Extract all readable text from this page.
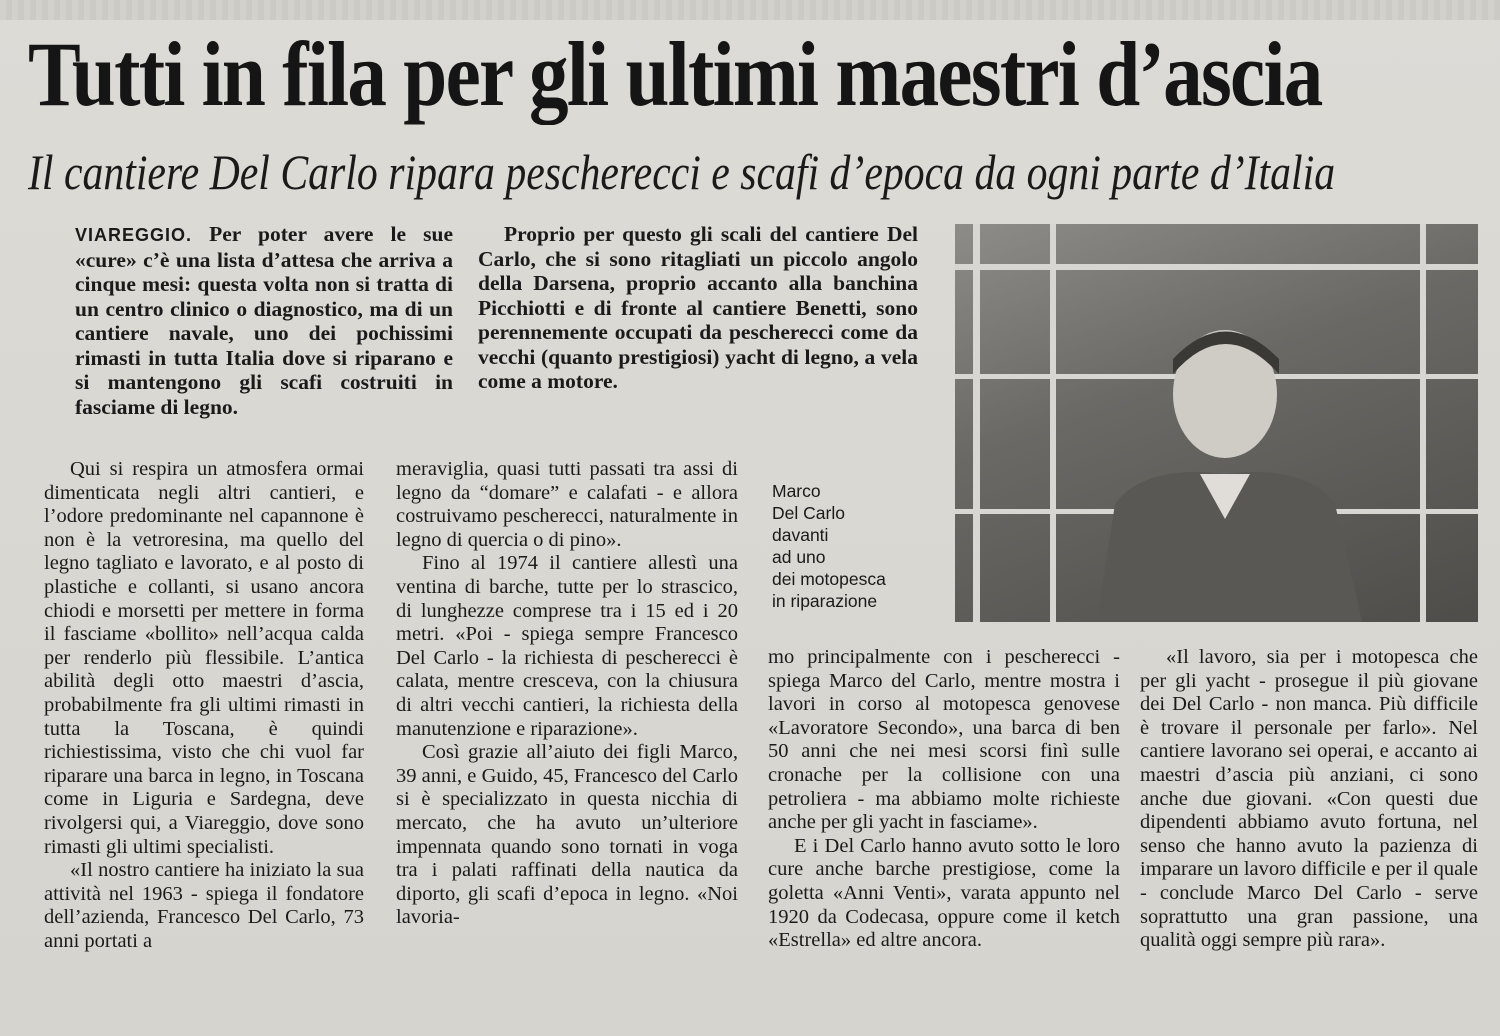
Tutti in fila per gli ultimi maestri d’ascia
Il cantiere Del Carlo ripara pescherecci e scafi d’epoca da ogni parte d’Italia

VIAREGGIO. Per poter avere le sue «cure» c’è una lista d’attesa che arriva a cinque mesi: questa volta non si tratta di un centro clinico o diagnostico, ma di un cantiere navale, uno dei pochissimi rimasti in tutta Italia dove si riparano e si mantengono gli scafi costruiti in fasciame di legno.

Proprio per questo gli scali del cantiere Del Carlo, che si sono ritagliati un piccolo angolo della Darsena, proprio accanto alla banchina Picchiotti e di fronte al cantiere Benetti, sono perennemente occupati da pescherecci come da vecchi (quanto prestigiosi) yacht di legno, a vela come a motore.

Qui si respira un atmosfera ormai dimenticata negli altri cantieri, e l’odore predominante nel capannone è non è la vetroresina, ma quello del legno tagliato e lavorato, e al posto di plastiche e collanti, si usano ancora chiodi e morsetti per mettere in forma il fasciame «bollito» nell’acqua calda per renderlo più flessibile. L’antica abilità degli otto maestri d’ascia, probabilmente fra gli ultimi rimasti in tutta la Toscana, è quindi richiestissima, visto che chi vuol far riparare una barca in legno, in Toscana come in Liguria e Sardegna, deve rivolgersi qui, a Viareggio, dove sono rimasti gli ultimi specialisti.

«Il nostro cantiere ha iniziato la sua attività nel 1963 - spiega il fondatore dell’azienda, Francesco Del Carlo, 73 anni portati a

meraviglia, quasi tutti passati tra assi di legno da “domare” e calafati - e allora costruivamo pescherecci, naturalmente in legno di quercia o di pino».

Fino al 1974 il cantiere allestì una ventina di barche, tutte per lo strascico, di lunghezze comprese tra i 15 ed i 20 metri. «Poi - spiega sempre Francesco Del Carlo - la richiesta di pescherecci è calata, mentre cresceva, con la chiusura di altri vecchi cantieri, la richiesta della manutenzione e riparazione».

Così grazie all’aiuto dei figli Marco, 39 anni, e Guido, 45, Francesco del Carlo si è specializzato in questa nicchia di mercato, che ha avuto un’ulteriore impennata quando sono tornati in voga tra i palati raffinati della nautica da diporto, gli scafi d’epoca in legno. «Noi lavoria-

Marco
Del Carlo
davanti
ad uno
dei motopesca
in riparazione

mo principalmente con i pescherecci - spiega Marco del Carlo, mentre mostra i lavori in corso al motopesca genovese «Lavoratore Secondo», una barca di ben 50 anni che nei mesi scorsi finì sulle cronache per la collisione con una petroliera - ma abbiamo molte richieste anche per gli yacht in fasciame».

E i Del Carlo hanno avuto sotto le loro cure anche barche prestigiose, come la goletta «Anni Venti», varata appunto nel 1920 da Codecasa, oppure come il ketch «Estrella» ed altre ancora.

«Il lavoro, sia per i motopesca che per gli yacht - prosegue il più giovane dei Del Carlo - non manca. Più difficile è trovare il personale per farlo». Nel cantiere lavorano sei operai, e accanto ai maestri d’ascia più anziani, ci sono anche due giovani. «Con questi due dipendenti abbiamo avuto fortuna, nel senso che hanno avuto la pazienza di imparare un lavoro difficile e per il quale - conclude Marco Del Carlo - serve soprattutto una gran passione, una qualità oggi sempre più rara».
